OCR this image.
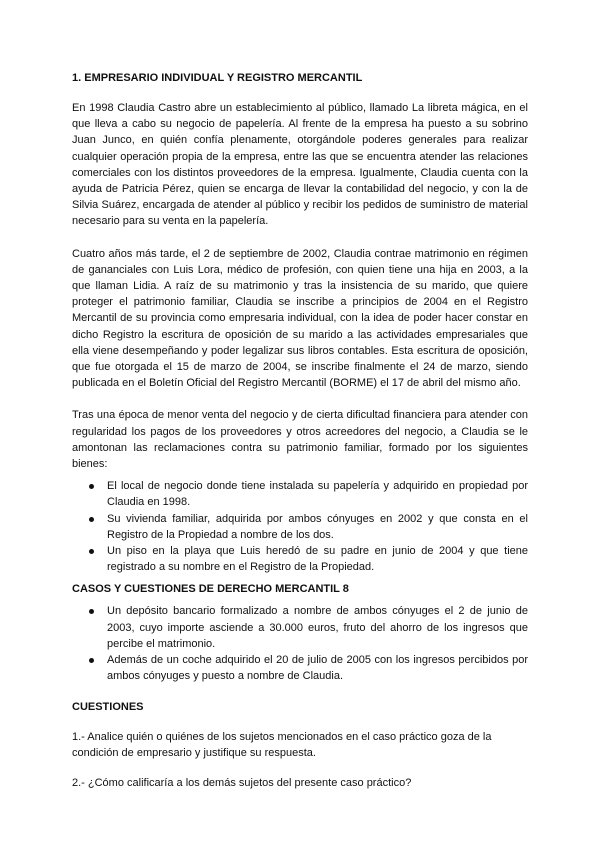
1. EMPRESARIO INDIVIDUAL Y REGISTRO MERCANTIL

En 1998 Claudia Castro abre un establecimiento al público, llamado La libreta mágica, en el que lleva a cabo su negocio de papelería. Al frente de la empresa ha puesto a su sobrino Juan Junco, en quién confía plenamente, otorgándole poderes generales para realizar cualquier operación propia de la empresa, entre las que se encuentra atender las relaciones comerciales con los distintos proveedores de la empresa. Igualmente, Claudia cuenta con la ayuda de Patricia Pérez, quien se encarga de llevar la contabilidad del negocio, y con la de Silvia Suárez, encargada de atender al público y recibir los pedidos de suministro de material necesario para su venta en la papelería.

Cuatro años más tarde, el 2 de septiembre de 2002, Claudia contrae matrimonio en régimen de gananciales con Luis Lora, médico de profesión, con quien tiene una hija en 2003, a la que llaman Lidia. A raíz de su matrimonio y tras la insistencia de su marido, que quiere proteger el patrimonio familiar, Claudia se inscribe a principios de 2004 en el Registro Mercantil de su provincia como empresaria individual, con la idea de poder hacer constar en dicho Registro la escritura de oposición de su marido a las actividades empresariales que ella viene desempeñando y poder legalizar sus libros contables. Esta escritura de oposición, que fue otorgada el 15 de marzo de 2004, se inscribe finalmente el 24 de marzo, siendo publicada en el Boletín Oficial del Registro Mercantil (BORME) el 17 de abril del mismo año.

Tras una época de menor venta del negocio y de cierta dificultad financiera para atender con regularidad los pagos de los proveedores y otros acreedores del negocio, a Claudia se le amontonan las reclamaciones contra su patrimonio familiar, formado por los siguientes bienes:

El local de negocio donde tiene instalada su papelería y adquirido en propiedad por Claudia en 1998.
Su vivienda familiar, adquirida por ambos cónyuges en 2002 y que consta en el Registro de la Propiedad a nombre de los dos.
Un piso en la playa que Luis heredó de su padre en junio de 2004 y que tiene registrado a su nombre en el Registro de la Propiedad.
CASOS Y CUESTIONES DE DERECHO MERCANTIL 8
Un depósito bancario formalizado a nombre de ambos cónyuges el 2 de junio de 2003, cuyo importe asciende a 30.000 euros, fruto del ahorro de los ingresos que percibe el matrimonio.
Además de un coche adquirido el 20 de julio de 2005 con los ingresos percibidos por ambos cónyuges y puesto a nombre de Claudia.
CUESTIONES

1.- Analice quién o quiénes de los sujetos mencionados en el caso práctico goza de la condición de empresario y justifique su respuesta.

2.- ¿Cómo calificaría a los demás sujetos del presente caso práctico?
